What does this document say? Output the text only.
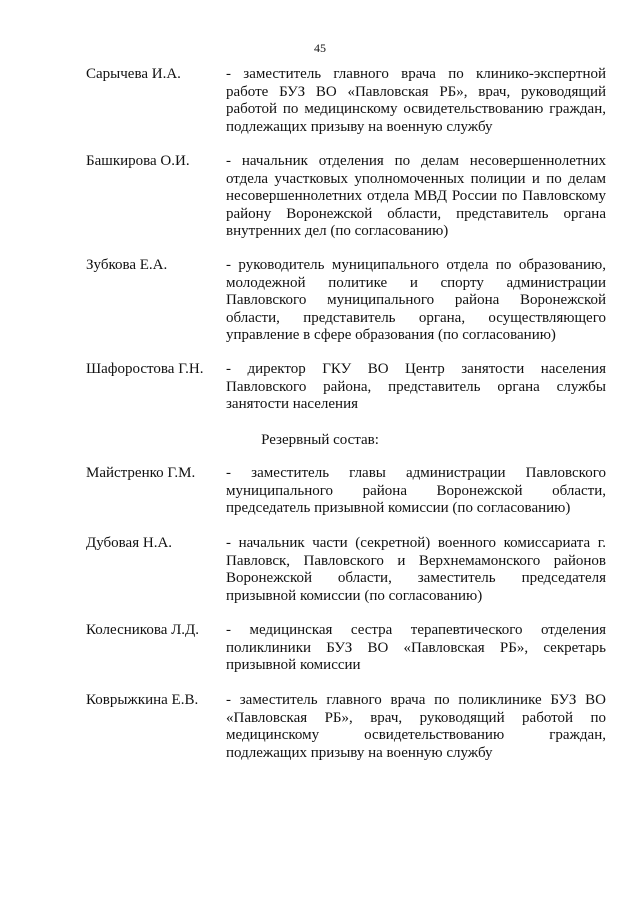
45
Сарычева И.А.	- заместитель главного врача по клинико-экспертной работе БУЗ ВО «Павловская РБ», врач, руководящий работой по медицинскому освидетельствованию граждан, подлежащих призыву на военную службу
Башкирова О.И.	- начальник отделения по делам несовершеннолетних отдела участковых уполномоченных полиции и по делам несовершеннолетних отдела МВД России по Павловскому району Воронежской области, представитель органа внутренних дел (по согласованию)
Зубкова Е.А.	- руководитель муниципального отдела по образованию, молодежной политике и спорту администрации Павловского муниципального района Воронежской области, представитель органа, осуществляющего управление в сфере образования (по согласованию)
Шафоростова Г.Н.	- директор ГКУ ВО Центр занятости населения Павловского района, представитель органа службы занятости населения
Резервный состав:
Майстренко Г.М.	- заместитель главы администрации Павловского муниципального района Воронежской области, председатель призывной комиссии (по согласованию)
Дубовая Н.А.	- начальник части (секретной) военного комиссариата г. Павловск, Павловского и Верхнемамонского районов Воронежской области, заместитель председателя призывной комиссии (по согласованию)
Колесникова Л.Д.	- медицинская сестра терапевтического отделения поликлиники БУЗ ВО «Павловская РБ», секретарь призывной комиссии
Коврыжкина Е.В.	- заместитель главного врача по поликлинике БУЗ ВО «Павловская РБ», врач, руководящий работой по медицинскому освидетельствованию граждан, подлежащих призыву на военную службу
